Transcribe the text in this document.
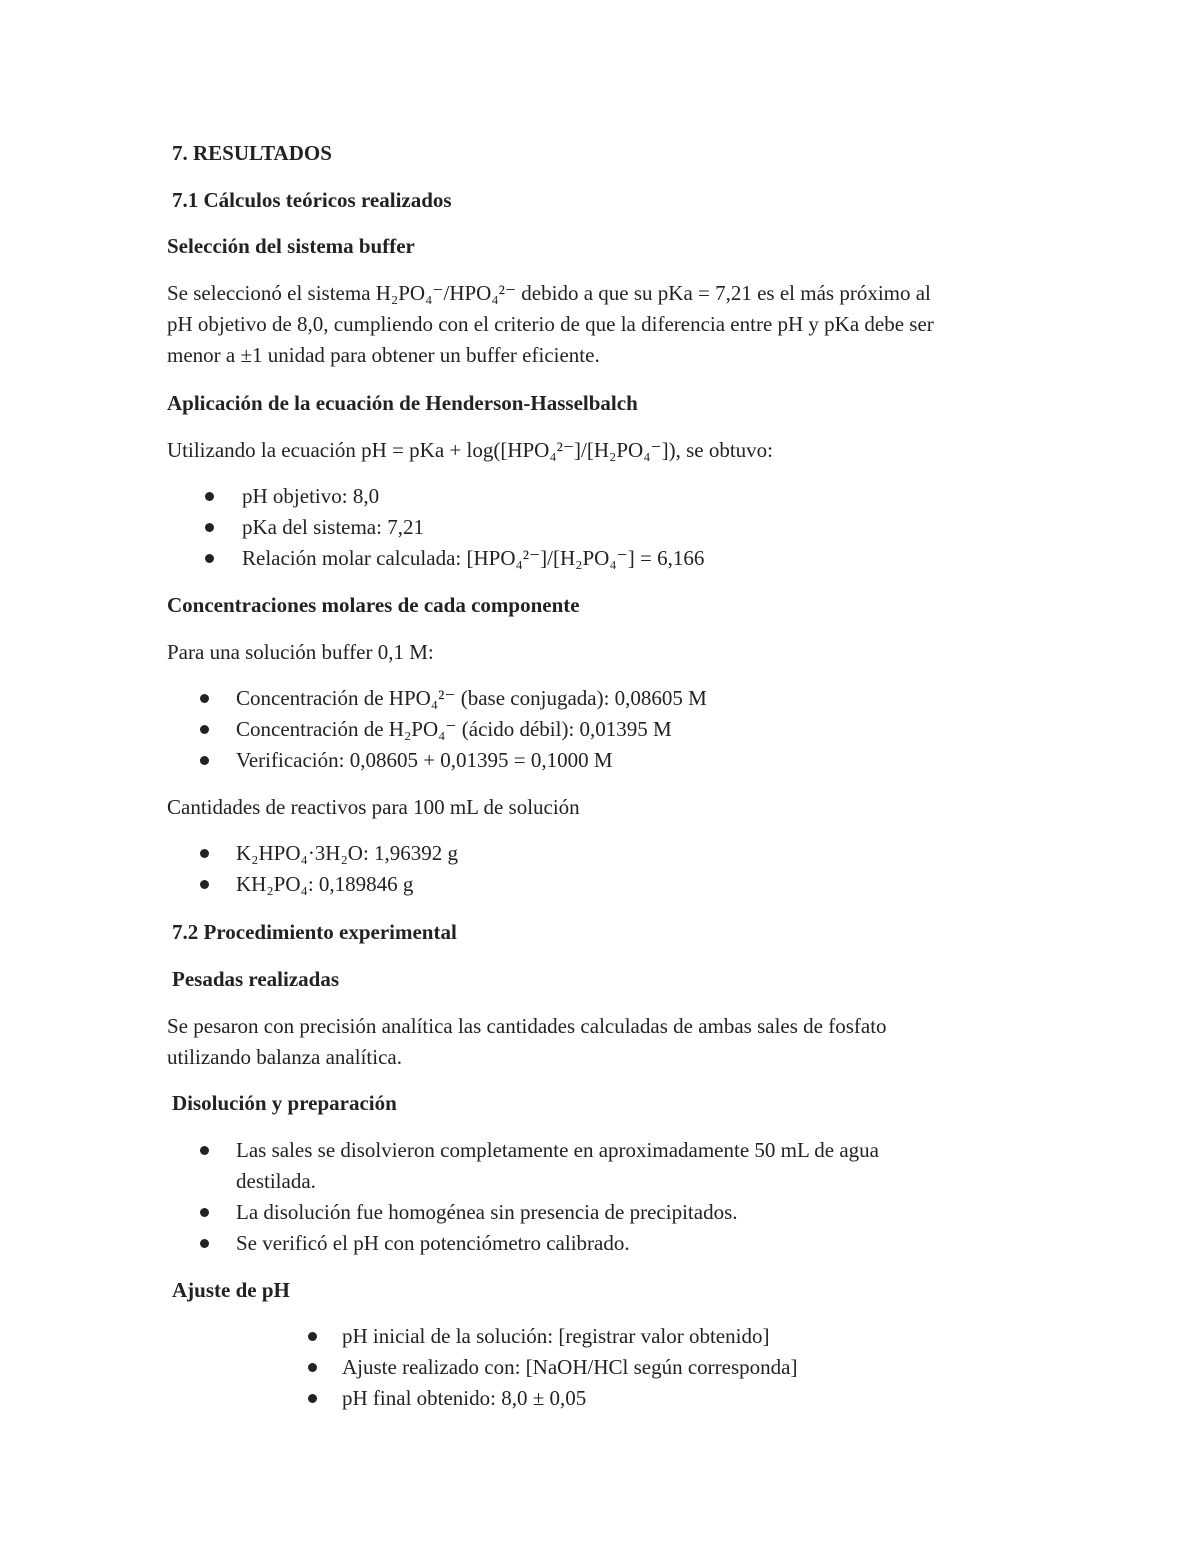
7. RESULTADOS
7.1 Cálculos teóricos realizados
Selección del sistema buffer
Se seleccionó el sistema H₂PO₄⁻/HPO₄²⁻ debido a que su pKa = 7,21 es el más próximo al
pH objetivo de 8,0, cumpliendo con el criterio de que la diferencia entre pH y pKa debe ser
menor a ±1 unidad para obtener un buffer eficiente.
Aplicación de la ecuación de Henderson-Hasselbalch
Utilizando la ecuación pH = pKa + log([HPO₄²⁻]/[H₂PO₄⁻]), se obtuvo:
pH objetivo: 8,0
pKa del sistema: 7,21
Relación molar calculada: [HPO₄²⁻]/[H₂PO₄⁻] = 6,166
Concentraciones molares de cada componente
Para una solución buffer 0,1 M:
Concentración de HPO₄²⁻ (base conjugada): 0,08605 M
Concentración de H₂PO₄⁻ (ácido débil): 0,01395 M
Verificación: 0,08605 + 0,01395 = 0,1000 M
Cantidades de reactivos para 100 mL de solución
K₂HPO₄·3H₂O: 1,96392 g
KH₂PO₄: 0,189846 g
7.2 Procedimiento experimental
Pesadas realizadas
Se pesaron con precisión analítica las cantidades calculadas de ambas sales de fosfato
utilizando balanza analítica.
Disolución y preparación
Las sales se disolvieron completamente en aproximadamente 50 mL de agua
destilada.
La disolución fue homogénea sin presencia de precipitados.
Se verificó el pH con potenciómetro calibrado.
Ajuste de pH
pH inicial de la solución: [registrar valor obtenido]
Ajuste realizado con: [NaOH/HCl según corresponda]
pH final obtenido: 8,0 ± 0,05
